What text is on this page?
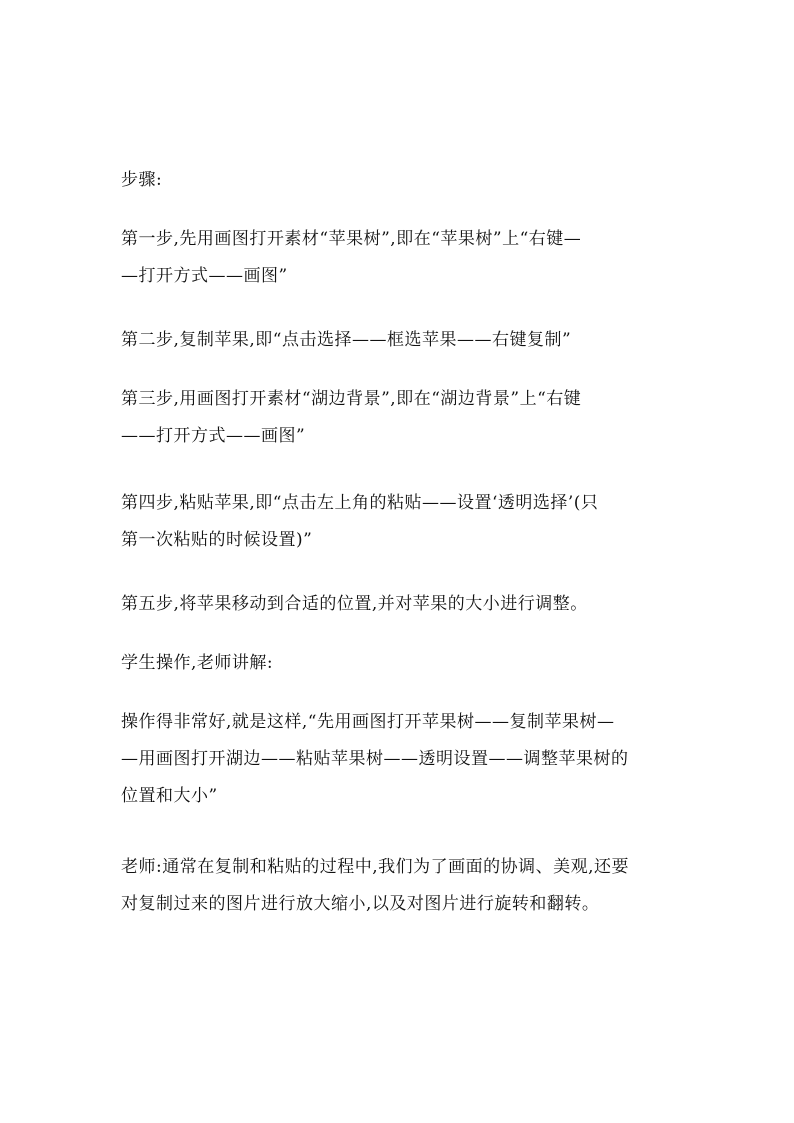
步骤:
第一步,先用画图打开素材“苹果树”,即在“苹果树”上“右键—
—打开方式——画图”
第二步,复制苹果,即“点击选择——框选苹果——右键复制”
第三步,用画图打开素材“湖边背景”,即在“湖边背景”上“右键
——打开方式——画图”
第四步,粘贴苹果,即“点击左上角的粘贴——设置‘透明选择’(只
第一次粘贴的时候设置)”
第五步,将苹果移动到合适的位置,并对苹果的大小进行调整。
学生操作,老师讲解:
操作得非常好,就是这样,“先用画图打开苹果树——复制苹果树—
—用画图打开湖边——粘贴苹果树——透明设置——调整苹果树的
位置和大小”
老师:通常在复制和粘贴的过程中,我们为了画面的协调、美观,还要
对复制过来的图片进行放大缩小,以及对图片进行旋转和翻转。
